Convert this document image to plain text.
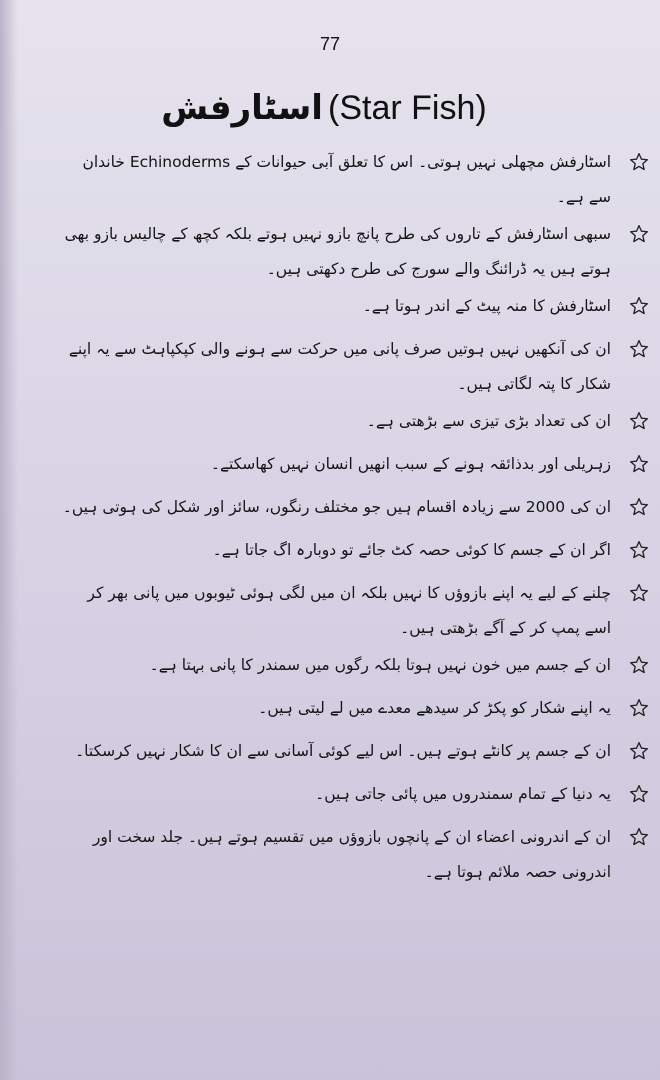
77
اسٹارفش (Star Fish)
اسٹارفش مچھلی نہیں ہوتی۔ اس کا تعلق آبی حیوانات کے Echinoderms خاندان سے ہے۔
سبھی اسٹارفش کے تاروں کی طرح پانچ بازو نہیں ہوتے بلکہ کچھ کے چالیس بازو بھی ہوتے ہیں یہ ڈرائنگ والے سورج کی طرح دکھتی ہیں۔
اسٹارفش کا منہ پیٹ کے اندر ہوتا ہے۔
ان کی آنکھیں نہیں ہوتیں صرف پانی میں حرکت سے ہونے والی کپکپاہٹ سے یہ اپنے شکار کا پتہ لگاتی ہیں۔
ان کی تعداد بڑی تیزی سے بڑھتی ہے۔
زہریلی اور بدذائقہ ہونے کے سبب انھیں انسان نہیں کھاسکتے۔
ان کی 2000 سے زیادہ اقسام ہیں جو مختلف رنگوں، سائز اور شکل کی ہوتی ہیں۔
اگر ان کے جسم کا کوئی حصہ کٹ جائے تو دوبارہ اگ جاتا ہے۔
چلنے کے لیے یہ اپنے بازوؤں کا نہیں بلکہ ان میں لگی ہوئی ٹیوبوں میں پانی بھر کر اسے پمپ کر کے آگے بڑھتی ہیں۔
ان کے جسم میں خون نہیں ہوتا بلکہ رگوں میں سمندر کا پانی بہتا ہے۔
یہ اپنے شکار کو پکڑ کر سیدھے معدے میں لے لیتی ہیں۔
ان کے جسم پر کانٹے ہوتے ہیں۔ اس لیے کوئی آسانی سے ان کا شکار نہیں کرسکتا۔
یہ دنیا کے تمام سمندروں میں پائی جاتی ہیں۔
ان کے اندرونی اعضاء ان کے پانچوں بازوؤں میں تقسیم ہوتے ہیں۔ جلد سخت اور اندرونی حصہ ملائم ہوتا ہے۔
